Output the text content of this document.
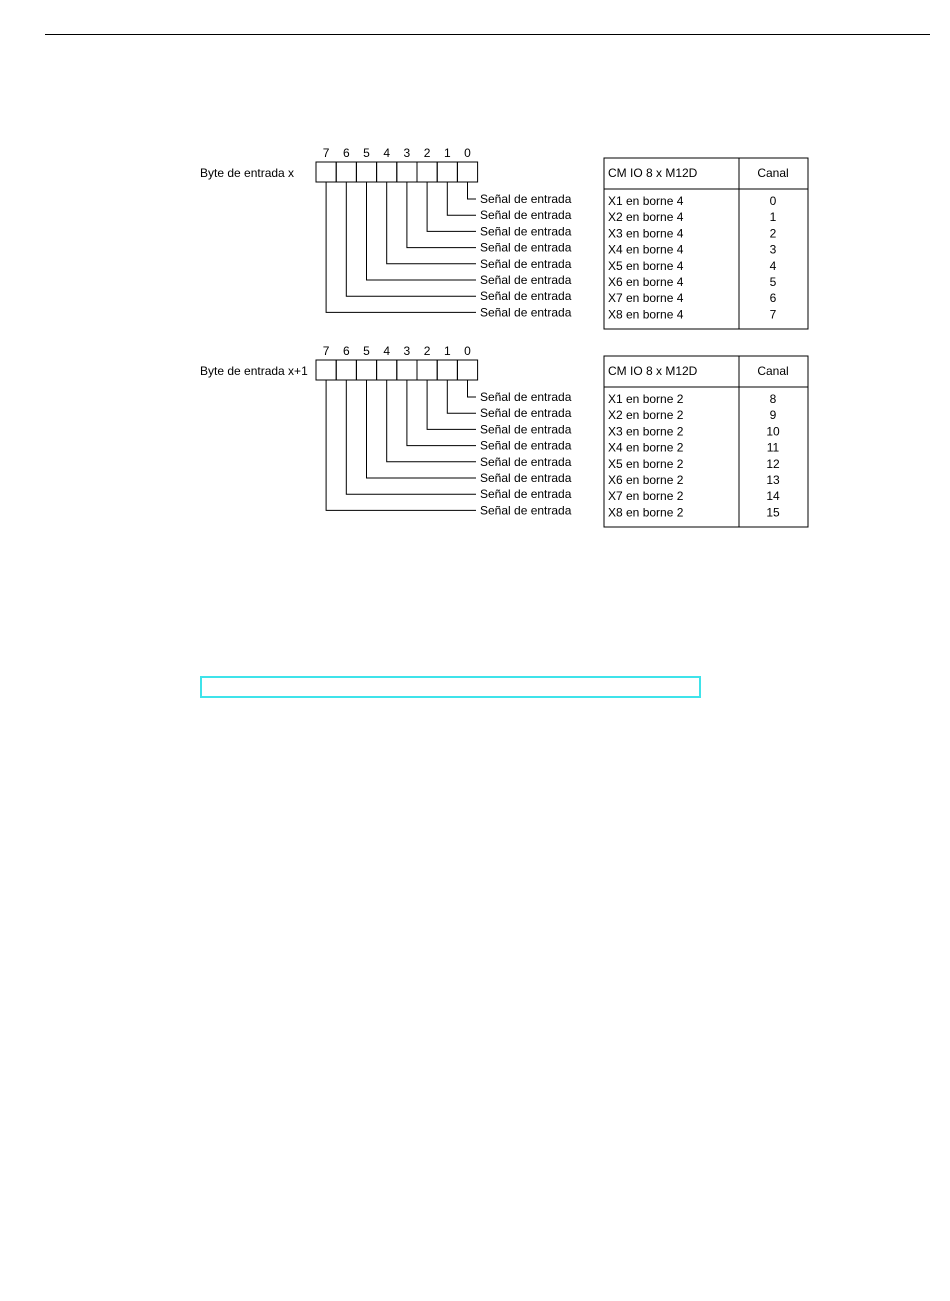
Byte de entrada x
7 6 5 4 3 2 1 0
Señal de entrada
Señal de entrada
Señal de entrada
Señal de entrada
Señal de entrada
Señal de entrada
Señal de entrada
Señal de entrada
CM IO 8 x M12D	Canal
X1 en borne 4	0
X2 en borne 4	1
X3 en borne 4	2
X4 en borne 4	3
X5 en borne 4	4
X6 en borne 4	5
X7 en borne 4	6
X8 en borne 4	7
Byte de entrada x+1
7 6 5 4 3 2 1 0
Señal de entrada
Señal de entrada
Señal de entrada
Señal de entrada
Señal de entrada
Señal de entrada
Señal de entrada
Señal de entrada
CM IO 8 x M12D	Canal
X1 en borne 2	8
X2 en borne 2	9
X3 en borne 2	10
X4 en borne 2	11
X5 en borne 2	12
X6 en borne 2	13
X7 en borne 2	14
X8 en borne 2	15
